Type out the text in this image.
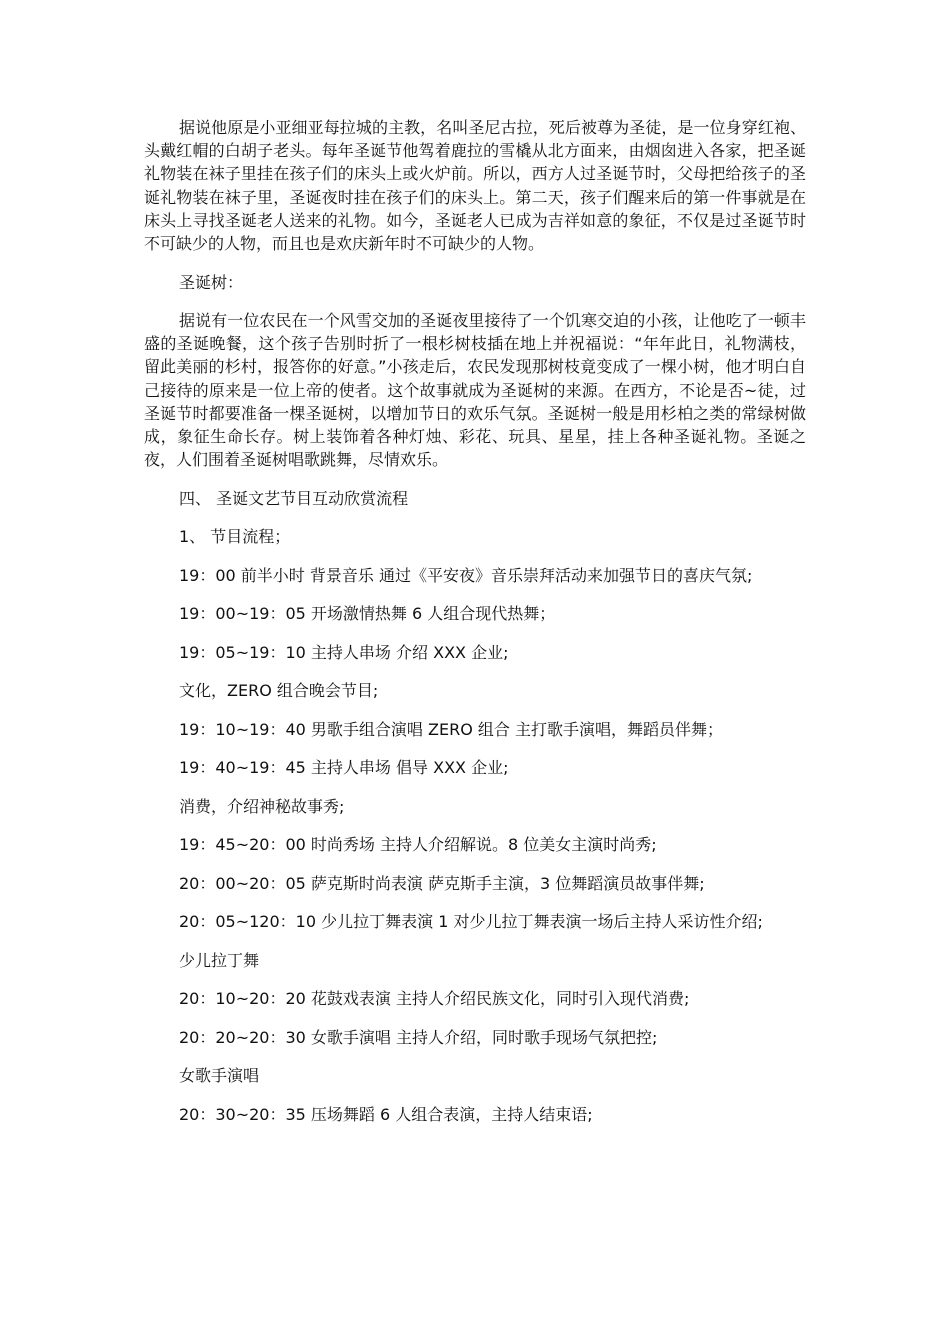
据说他原是小亚细亚每拉城的主教，名叫圣尼古拉，死后被尊为圣徒，是一位身穿红袍、头戴红帽的白胡子老头。每年圣诞节他驾着鹿拉的雪橇从北方面来，由烟囱进入各家，把圣诞礼物装在袜子里挂在孩子们的床头上或火炉前。所以，西方人过圣诞节时，父母把给孩子的圣诞礼物装在袜子里，圣诞夜时挂在孩子们的床头上。第二天，孩子们醒来后的第一件事就是在床头上寻找圣诞老人送来的礼物。如今，圣诞老人已成为吉祥如意的象征，不仅是过圣诞节时不可缺少的人物，而且也是欢庆新年时不可缺少的人物。

圣诞树：

据说有一位农民在一个风雪交加的圣诞夜里接待了一个饥寒交迫的小孩，让他吃了一顿丰盛的圣诞晚餐，这个孩子告别时折了一根杉树枝插在地上并祝福说：“年年此日，礼物满枝，留此美丽的杉村，报答你的好意。”小孩走后，农民发现那树枝竟变成了一棵小树，他才明白自己接待的原来是一位上帝的使者。这个故事就成为圣诞树的来源。在西方，不论是否~徒，过圣诞节时都要准备一棵圣诞树，以增加节日的欢乐气氛。圣诞树一般是用杉柏之类的常绿树做成，象征生命长存。树上装饰着各种灯烛、彩花、玩具、星星，挂上各种圣诞礼物。圣诞之夜，人们围着圣诞树唱歌跳舞，尽情欢乐。

四、 圣诞文艺节目互动欣赏流程

1、 节目流程；

19：00 前半小时 背景音乐 通过《平安夜》音乐崇拜活动来加强节日的喜庆气氛;

19：00~19：05 开场激情热舞 6 人组合现代热舞；

19：05~19：10 主持人串场 介绍 XXX 企业;

文化，ZERO 组合晚会节目;

19：10~19：40 男歌手组合演唱 ZERO 组合 主打歌手演唱，舞蹈员伴舞；

19：40~19：45 主持人串场 倡导 XXX 企业;

消费，介绍神秘故事秀;

19：45~20：00 时尚秀场 主持人介绍解说。8 位美女主演时尚秀;

20：00~20：05 萨克斯时尚表演 萨克斯手主演，3 位舞蹈演员故事伴舞;

20：05~120：10 少儿拉丁舞表演 1 对少儿拉丁舞表演一场后主持人采访性介绍;

少儿拉丁舞

20：10~20：20 花鼓戏表演 主持人介绍民族文化，同时引入现代消费;

20：20~20：30 女歌手演唱 主持人介绍，同时歌手现场气氛把控;

女歌手演唱

20：30~20：35 压场舞蹈 6 人组合表演，主持人结束语;
